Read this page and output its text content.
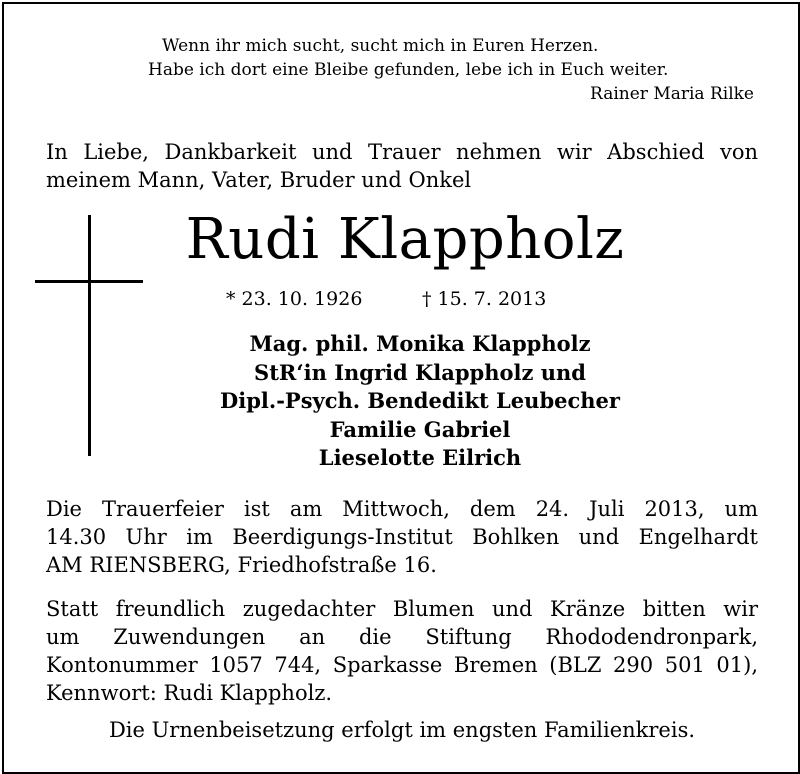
Wenn ihr mich sucht, sucht mich in Euren Herzen.
Habe ich dort eine Bleibe gefunden, lebe ich in Euch weiter.
Rainer Maria Rilke
In Liebe, Dankbarkeit und Trauer nehmen wir Abschied von
meinem Mann, Vater, Bruder und Onkel
Rudi Klappholz
* 23. 10. 1926	† 15. 7. 2013
Mag. phil. Monika Klappholz
StR‘in Ingrid Klappholz und
Dipl.-Psych. Bendedikt Leubecher
Familie Gabriel
Lieselotte Eilrich
Die Trauerfeier ist am Mittwoch, dem 24. Juli 2013, um
14.30 Uhr im Beerdigungs-Institut Bohlken und Engelhardt
AM RIENSBERG, Friedhofstraße 16.
Statt freundlich zugedachter Blumen und Kränze bitten wir
um Zuwendungen an die Stiftung Rhododendronpark,
Kontonummer 1057 744, Sparkasse Bremen (BLZ 290 501 01),
Kennwort: Rudi Klappholz.
Die Urnenbeisetzung erfolgt im engsten Familienkreis.
